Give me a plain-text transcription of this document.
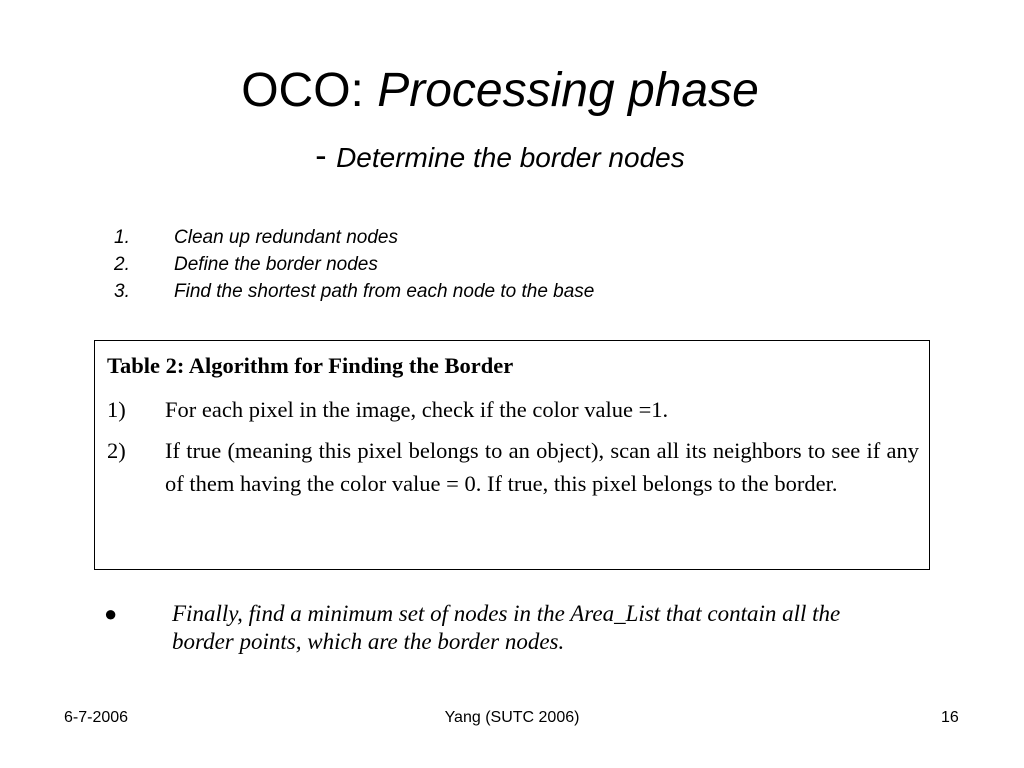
OCO: Processing phase
- Determine the border nodes
1.	Clean up redundant nodes
2.	Define the border nodes
3.	Find the shortest path from each node to the base
Table 2: Algorithm for Finding the Border
1)	For each pixel in the image, check if the color value =1.
2)	If true (meaning this pixel belongs to an object), scan all its neighbors to see if any of them having the color value = 0. If true, this pixel belongs to the border.
●	Finally, find a minimum set of nodes in the Area_List that contain all the border points, which are the border nodes.
6-7-2006	Yang (SUTC 2006)	16
